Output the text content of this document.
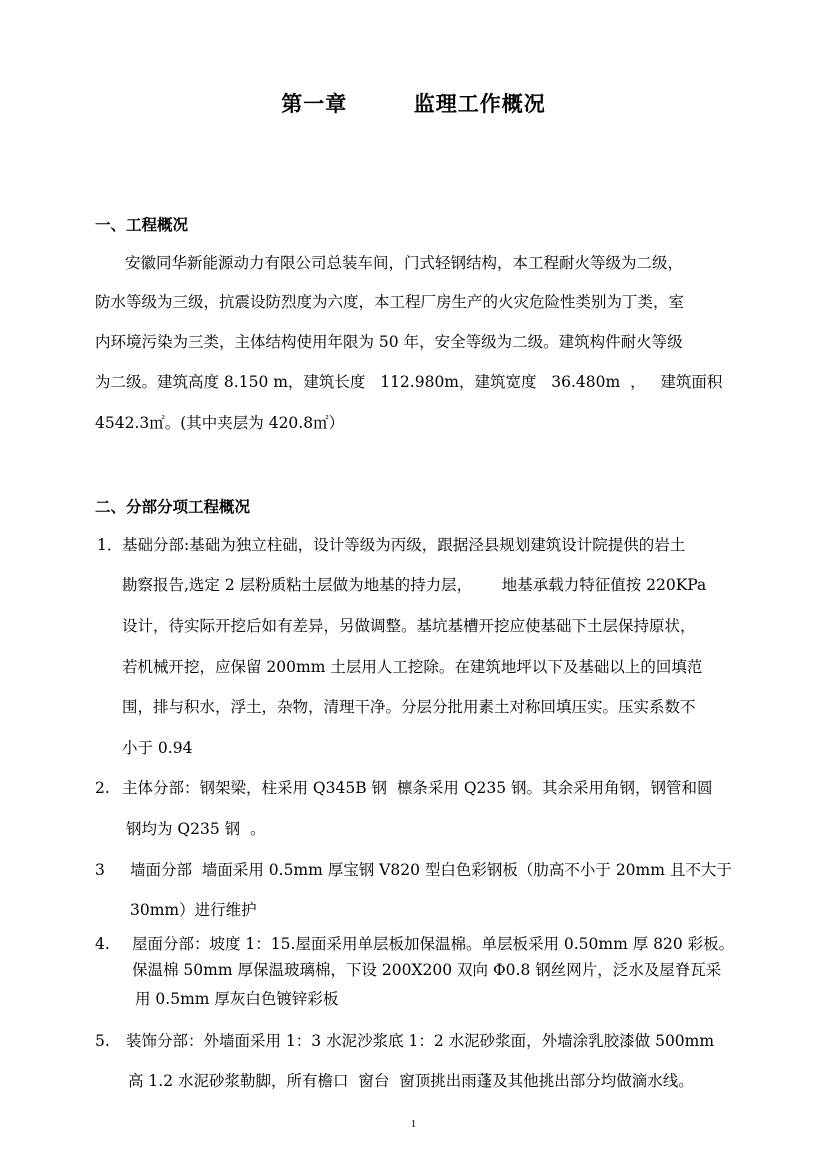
第一章        监理工作概况
一、工程概况
安徽同华新能源动力有限公司总装车间，门式轻钢结构，本工程耐火等级为二级，
防水等级为三级，抗震设防烈度为六度，本工程厂房生产的火灾危险性类别为丁类，室
内环境污染为三类，主体结构使用年限为 50 年，安全等级为二级。建筑构件耐火等级
为二级。建筑高度 8.150 m，建筑长度   112.980m，建筑宽度   36.480m  ，   建筑面积
4542.3㎡。(其中夹层为 420.8㎡）
二、分部分项工程概况
1． 基础分部:基础为独立柱础，设计等级为丙级，跟据泾县规划建筑设计院提供的岩土
勘察报告,选定 2 层粉质粘土层做为地基的持力层，      地基承载力特征值按 220KPa
设计，待实际开挖后如有差异，另做调整。基坑基槽开挖应使基础下土层保持原状，
若机械开挖，应保留 200mm 土层用人工挖除。在建筑地坪以下及基础以上的回填范
围，排与积水，浮土，杂物，清理干净。分层分批用素土对称回填压实。压实系数不
小于 0.94
2. 主体分部：钢架梁，柱采用 Q345B 钢  檩条采用 Q235 钢。其余采用角钢，钢管和圆
钢均为 Q235 钢  。
3 墙面分部  墙面采用 0.5mm 厚宝钢 V820 型白色彩钢板（肋高不小于 20mm 且不大于
30mm）进行维护
4. 屋面分部：坡度 1：15.屋面采用单层板加保温棉。单层板采用 0.50mm 厚 820 彩板。
保温棉 50mm 厚保温玻璃棉，下设 200X200 双向 Φ0.8 钢丝网片，泛水及屋脊瓦采
用 0.5mm 厚灰白色镀锌彩板
5. 装饰分部：外墙面采用 1：3 水泥沙浆底 1：2 水泥砂浆面，外墙涂乳胶漆做 500mm
高 1.2 水泥砂浆勒脚，所有檐口  窗台  窗顶挑出雨蓬及其他挑出部分均做滴水线。
1
